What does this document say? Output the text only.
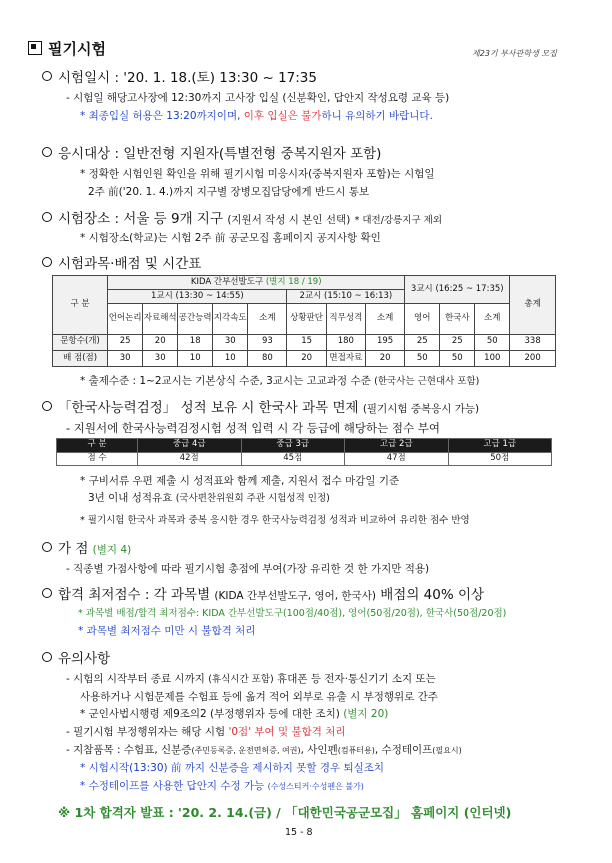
필기시험	제23기 부사관학생 모집
시험일시 : '20. 1. 18.(토) 13:30 ~ 17:35
- 시험일 해당고사장에 12:30까지 고사장 입실 (신분확인, 답안지 작성요령 교육 등)
* 최종입실 허용은 13:20까지이며, 이후 입실은 불가하니 유의하기 바랍니다.
응시대상 : 일반전형 지원자(특별전형 중복지원자 포함)
* 정확한 시험인원 확인을 위해 필기시험 미응시자(중복지원자 포함)는 시험일
2주 前('20. 1. 4.)까지 지구별 장병모집담당에게 반드시 통보
시험장소 : 서울 등 9개 지구 (지원서 작성 시 본인 선택) * 대전/강릉지구 제외
* 시험장소(학교)는 시험 2주 前 공군모집 홈페이지 공지사항 확인
시험과목·배점 및 시간표
구 분	KIDA 간부선발도구 (별지 18 / 19)								3교시 (16:25 ~ 17:35)			총계
	1교시 (13:30 ~ 14:55)					2교시 (15:10 ~ 16:13)						
	언어논리	자료해석	공간능력	지각속도	소계	상황판단	직무성격	소계	영어	한국사	소계	
문항수(개)	25	20	18	30	93	15	180	195	25	25	50	338
배 점(점)	30	30	10	10	80	20	면접자료	20	50	50	100	200
* 출제수준 : 1~2교시는 기본상식 수준, 3교시는 고교과정 수준 (한국사는 근현대사 포함)
「한국사능력검정」 성적 보유 시 한국사 과목 면제 (필기시험 중복응시 가능)
- 지원서에 한국사능력검정시험 성적 입력 시 각 등급에 해당하는 점수 부여
구 분	중급 4급	중급 3급	고급 2급	고급 1급
점 수	42점	45점	47점	50점
* 구비서류 우편 제출 시 성적표와 함께 제출, 지원서 접수 마감일 기준
3년 이내 성적유효 (국사편찬위원회 주관 시험성적 인정)
* 필기시험 한국사 과목과 중복 응시한 경우 한국사능력검정 성적과 비교하여 유리한 점수 반영
가 점 (별지 4)
- 직종별 가점사항에 따라 필기시험 총점에 부여(가장 유리한 것 한 가지만 적용)
합격 최저점수 : 각 과목별 (KIDA 간부선발도구, 영어, 한국사) 배점의 40% 이상
* 과목별 배점/합격 최저점수: KIDA 간부선발도구(100점/40점), 영어(50점/20점), 한국사(50점/20점)
* 과목별 최저점수 미만 시 불합격 처리
유의사항
- 시험의 시작부터 종료 시까지 (휴식시간 포함) 휴대폰 등 전자·통신기기 소지 또는
사용하거나 시험문제를 수험표 등에 옮겨 적어 외부로 유출 시 부정행위로 간주
* 군인사법시행령 제9조의2 (부정행위자 등에 대한 조치) (별지 20)
- 필기시험 부정행위자는 해당 시험 '0점' 부여 및 불합격 처리
- 지참품목 : 수험표, 신분증(주민등록증, 운전면허증, 여권), 사인펜(컴퓨터용), 수정테이프(필요시)
* 시험시작(13:30) 前 까지 신분증을 제시하지 못할 경우 퇴실조치
* 수정테이프를 사용한 답안지 수정 가능 (수성스티커·수성펜은 불가)
※ 1차 합격자 발표 : '20. 2. 14.(금) / 「대한민국공군모집」 홈페이지 (인터넷)
15 - 8
